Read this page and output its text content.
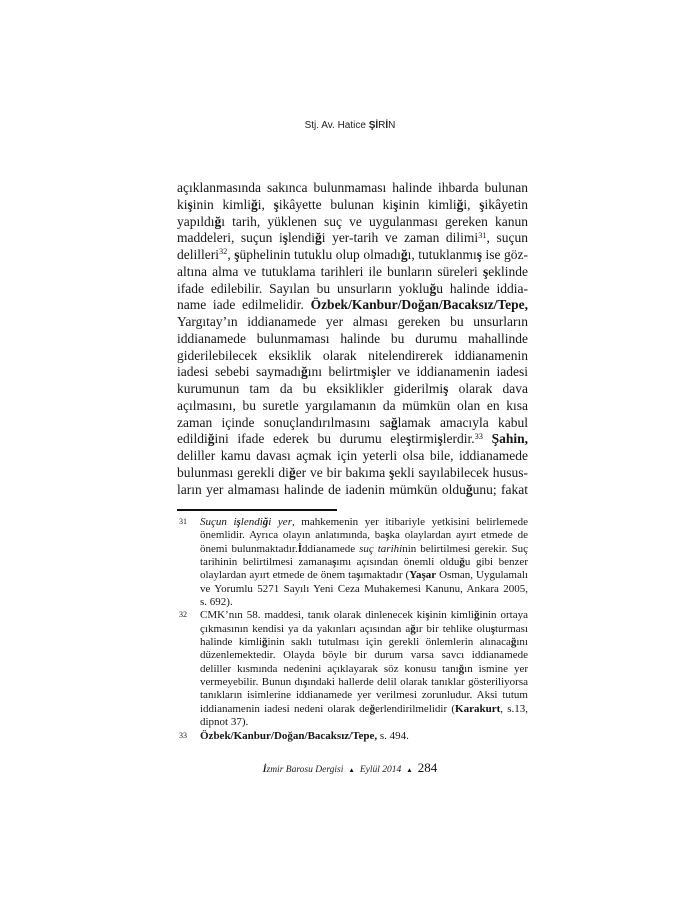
Stj. Av. Hatice ŞİRİN
açıklanmasında sakınca bulunmaması halinde ihbarda bulunan
kişinin kimliği, şikâyette bulunan kişinin kimliği, şikâyetin
yapıldığı tarih, yüklenen suç ve uygulanması gereken kanun
maddeleri, suçun işlendiği yer-tarih ve zaman dilimi$^{31}$, suçun
delilleri$^{32}$, şüphelinin tutuklu olup olmadığı, tutuklanmış ise göz-
altına alma ve tutuklama tarihleri ile bunların süreleri şeklinde
ifade edilebilir. Sayılan bu unsurların yokluğu halinde iddia-
name iade edilmelidir. Özbek/Kanbur/Doğan/Bacaksız/Tepe,
Yargıtay’ın iddianamede yer alması gereken bu unsurların
iddianamede bulunmaması halinde bu durumu mahallinde
giderilebilecek eksiklik olarak nitelendirerek iddianamenin
iadesi sebebi saymadığını belirtmişler ve iddianamenin iadesi
kurumunun tam da bu eksiklikler giderilmiş olarak dava
açılmasını, bu suretle yargılamanın da mümkün olan en kısa
zaman içinde sonuçlandırılmasını sağlamak amacıyla kabul
edildiğini ifade ederek bu durumu eleştirmişlerdir.$^{33}$ Şahin,
deliller kamu davası açmak için yeterli olsa bile, iddianamede
bulunması gerekli diğer ve bir bakıma şekli sayılabilecek husus-
ların yer almaması halinde de iadenin mümkün olduğunu; fakat
31 Suçun işlendiği yer, mahkemenin yer itibariyle yetkisini belirlemede
önemlidir. Ayrıca olayın anlatımında, başka olaylardan ayırt etmede de
önemi bulunmaktadır.İddianamede suç tarihinin belirtilmesi gerekir. Suç
tarihinin belirtilmesi zamanaşımı açısından önemli olduğu gibi benzer
olaylardan ayırt etmede de önem taşımaktadır (Yaşar Osman, Uygulamalı
ve Yorumlu 5271 Sayılı Yeni Ceza Muhakemesi Kanunu, Ankara 2005,
s. 692).
32 CMK’nın 58. maddesi, tanık olarak dinlenecek kişinin kimliğinin ortaya
çıkmasının kendisi ya da yakınları açısından ağır bir tehlike oluşturması
halinde kimliğinin saklı tutulması için gerekli önlemlerin alınacağını
düzenlemektedir. Olayda böyle bir durum varsa savcı iddianamede
deliller kısmında nedenini açıklayarak söz konusu tanığın ismine yer
vermeyebilir. Bunun dışındaki hallerde delil olarak tanıklar gösteriliyorsa
tanıkların isimlerine iddianamede yer verilmesi zorunludur. Aksi tutum
iddianamenin iadesi nedeni olarak değerlendirilmelidir (Karakurt, s.13,
dipnot 37).
33 Özbek/Kanbur/Doğan/Bacaksız/Tepe, s. 494.
İzmir Barosu Dergisi ▲ Eylül 2014 ▲ 284
